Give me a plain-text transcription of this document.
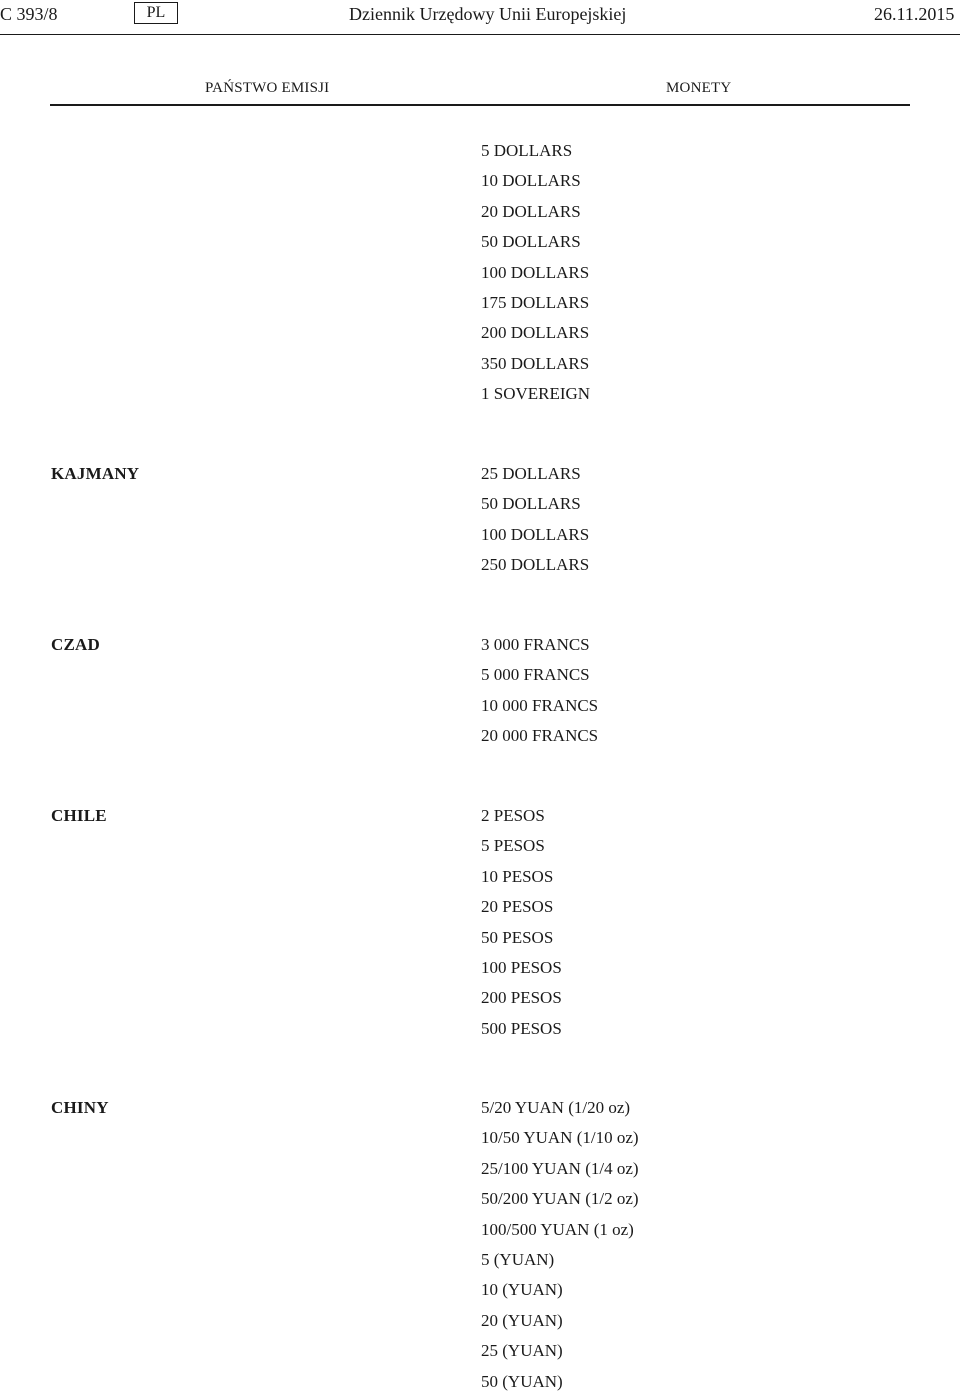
C 393/8	PL	Dziennik Urzędowy Unii Europejskiej	26.11.2015
PAŃSTWO EMISJI	MONETY
5 DOLLARS
10 DOLLARS
20 DOLLARS
50 DOLLARS
100 DOLLARS
175 DOLLARS
200 DOLLARS
350 DOLLARS
1 SOVEREIGN
KAJMANY	25 DOLLARS
50 DOLLARS
100 DOLLARS
250 DOLLARS
CZAD	3 000 FRANCS
5 000 FRANCS
10 000 FRANCS
20 000 FRANCS
CHILE	2 PESOS
5 PESOS
10 PESOS
20 PESOS
50 PESOS
100 PESOS
200 PESOS
500 PESOS
CHINY	5/20 YUAN (1/20 oz)
10/50 YUAN (1/10 oz)
25/100 YUAN (1/4 oz)
50/200 YUAN (1/2 oz)
100/500 YUAN (1 oz)
5 (YUAN)
10 (YUAN)
20 (YUAN)
25 (YUAN)
50 (YUAN)
